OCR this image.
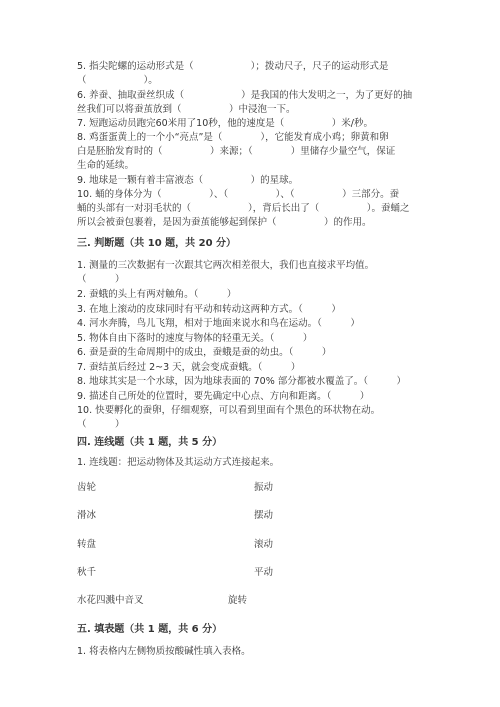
5. 指尖陀螺的运动形式是（　　　　　　）；拨动尺子，尺子的运动形式是
（　　　　　　）。
6. 养蚕、抽取蚕丝织成（　　　　　　）是我国的伟大发明之一，为了更好的抽
丝我们可以将蚕茧放到（　　　　　）中浸泡一下。
7. 短跑运动员跑完60米用了10秒，他的速度是（　　　　　）米/秒。
8. 鸡蛋蛋黄上的一个小“亮点”是（　　　　），它能发育成小鸡；卵黄和卵
白是胚胎发育时的（　　　　　）来源；（　　　　）里储存少量空气，保证
生命的延续。
9. 地球是一颗有着丰富液态（　　　　　）的星球。
10. 蛹的身体分为（　　　　　）、（　　　　　）、（　　　　　）三部分。蚕
蛹的头部有一对羽毛状的（　　　　　　），背后长出了（　　　　　）。蚕蛹之
所以会被蚕包裹着，是因为蚕茧能够起到保护（　　　　　）的作用。
三. 判断题（共 10 题，共 20 分）
1. 测量的三次数据有一次跟其它两次相差很大，我们也直接求平均值。
（　　　）
2. 蚕蛾的头上有两对触角。（　　　）
3. 在地上滚动的皮球同时有平动和转动这两种方式。（　　　）
4. 河水奔腾，鸟儿飞翔，相对于地面来说水和鸟在运动。（　　　）
5. 物体自由下落时的速度与物体的轻重无关。（　　　）
6. 蚕是蚕的生命周期中的成虫，蚕蛾是蚕的幼虫。（　　　）
7. 蚕结茧后经过 2~3 天，就会变成蚕蛾。（　　　）
8. 地球其实是一个水球，因为地球表面的 70% 部分都被水覆盖了。（　　　）
9. 描述自己所处的位置时，要先确定中心点、方向和距离。（　　　）
10. 快要孵化的蚕卵，仔细观察，可以看到里面有个黑色的环状物在动。
（　　　）
四. 连线题（共 1 题，共 5 分）
1. 连线题：把运动物体及其运动方式连接起来。
齿轮
滑冰
转盘
秋千
水花四溅中音叉
振动
摆动
滚动
平动
旋转
五. 填表题（共 1 题，共 6 分）
1. 将表格内左侧物质按酸碱性填入表格。
